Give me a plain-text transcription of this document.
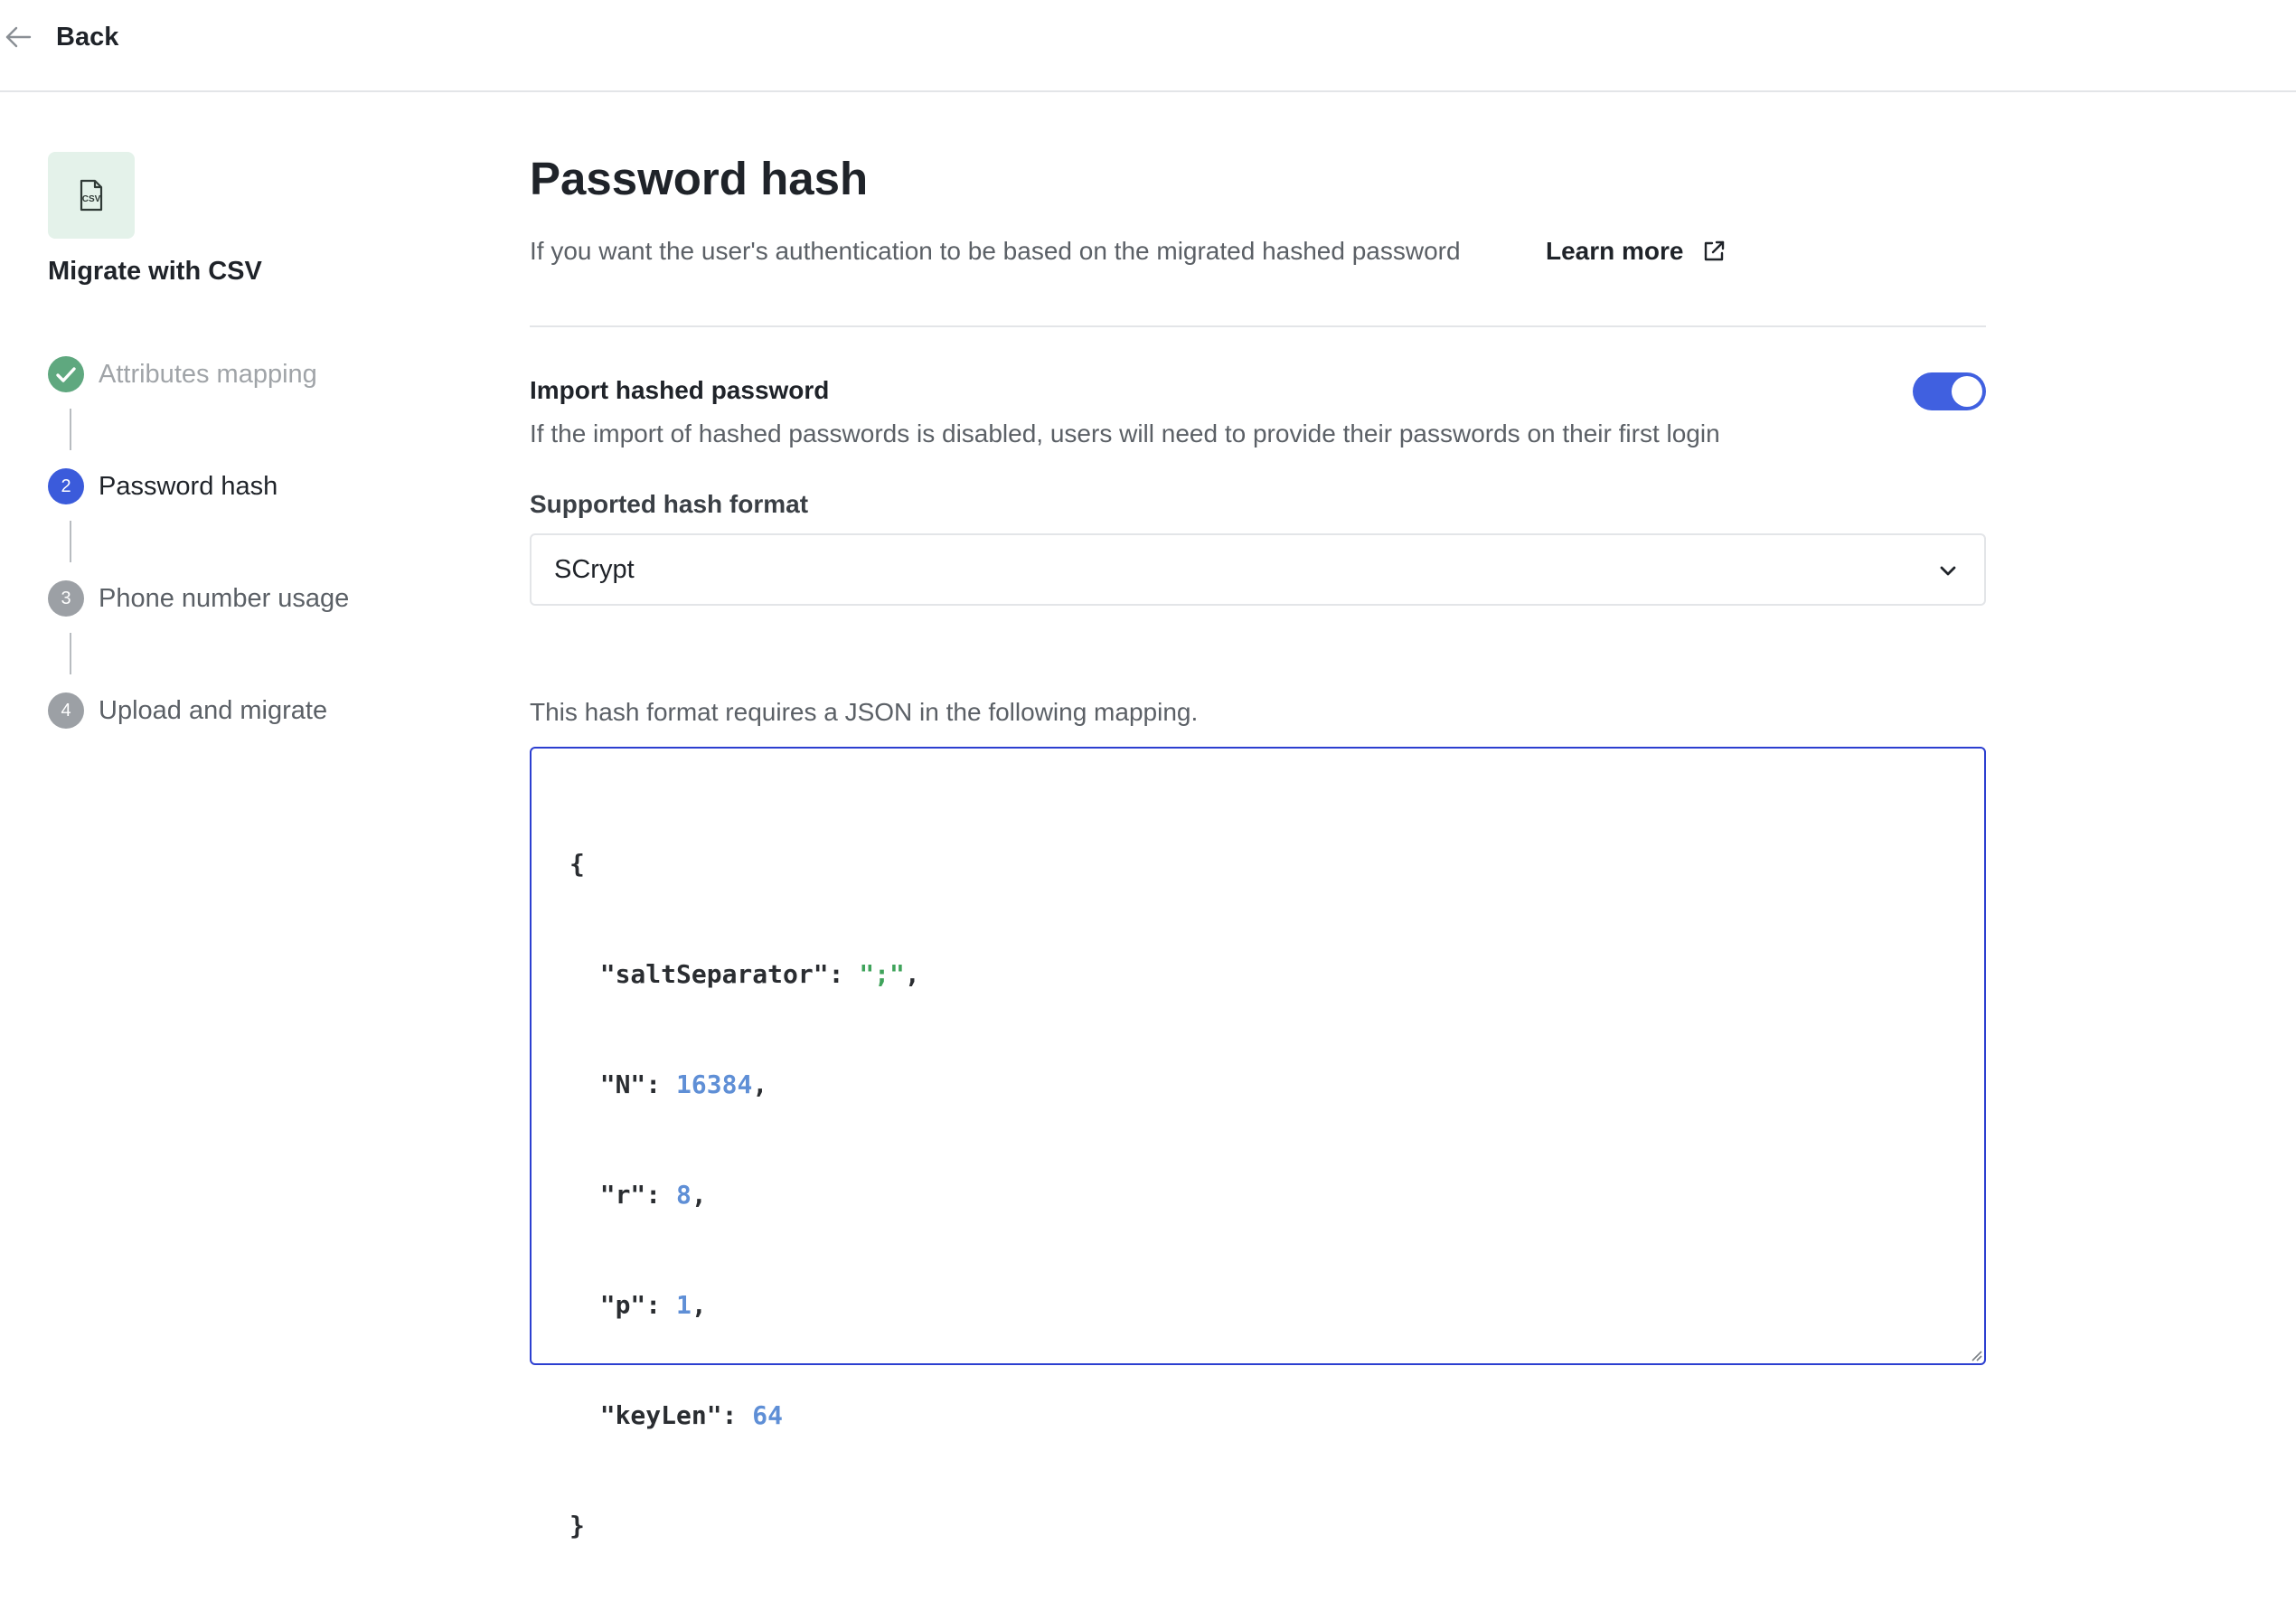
Back
CSV
Migrate with CSV
Attributes mapping
2	Password hash
3	Phone number usage
4	Upload and migrate
Password hash
If you want the user's authentication to be based on the migrated hashed password	Learn more
Import hashed password
If the import of hashed passwords is disabled, users will need to provide their passwords on their first login
Supported hash format
SCrypt
This hash format requires a JSON in the following mapping.

{

"saltSeparator": ";",

"N": 16384,

"r": 8,

"p": 1,

"keyLen": 64

}
